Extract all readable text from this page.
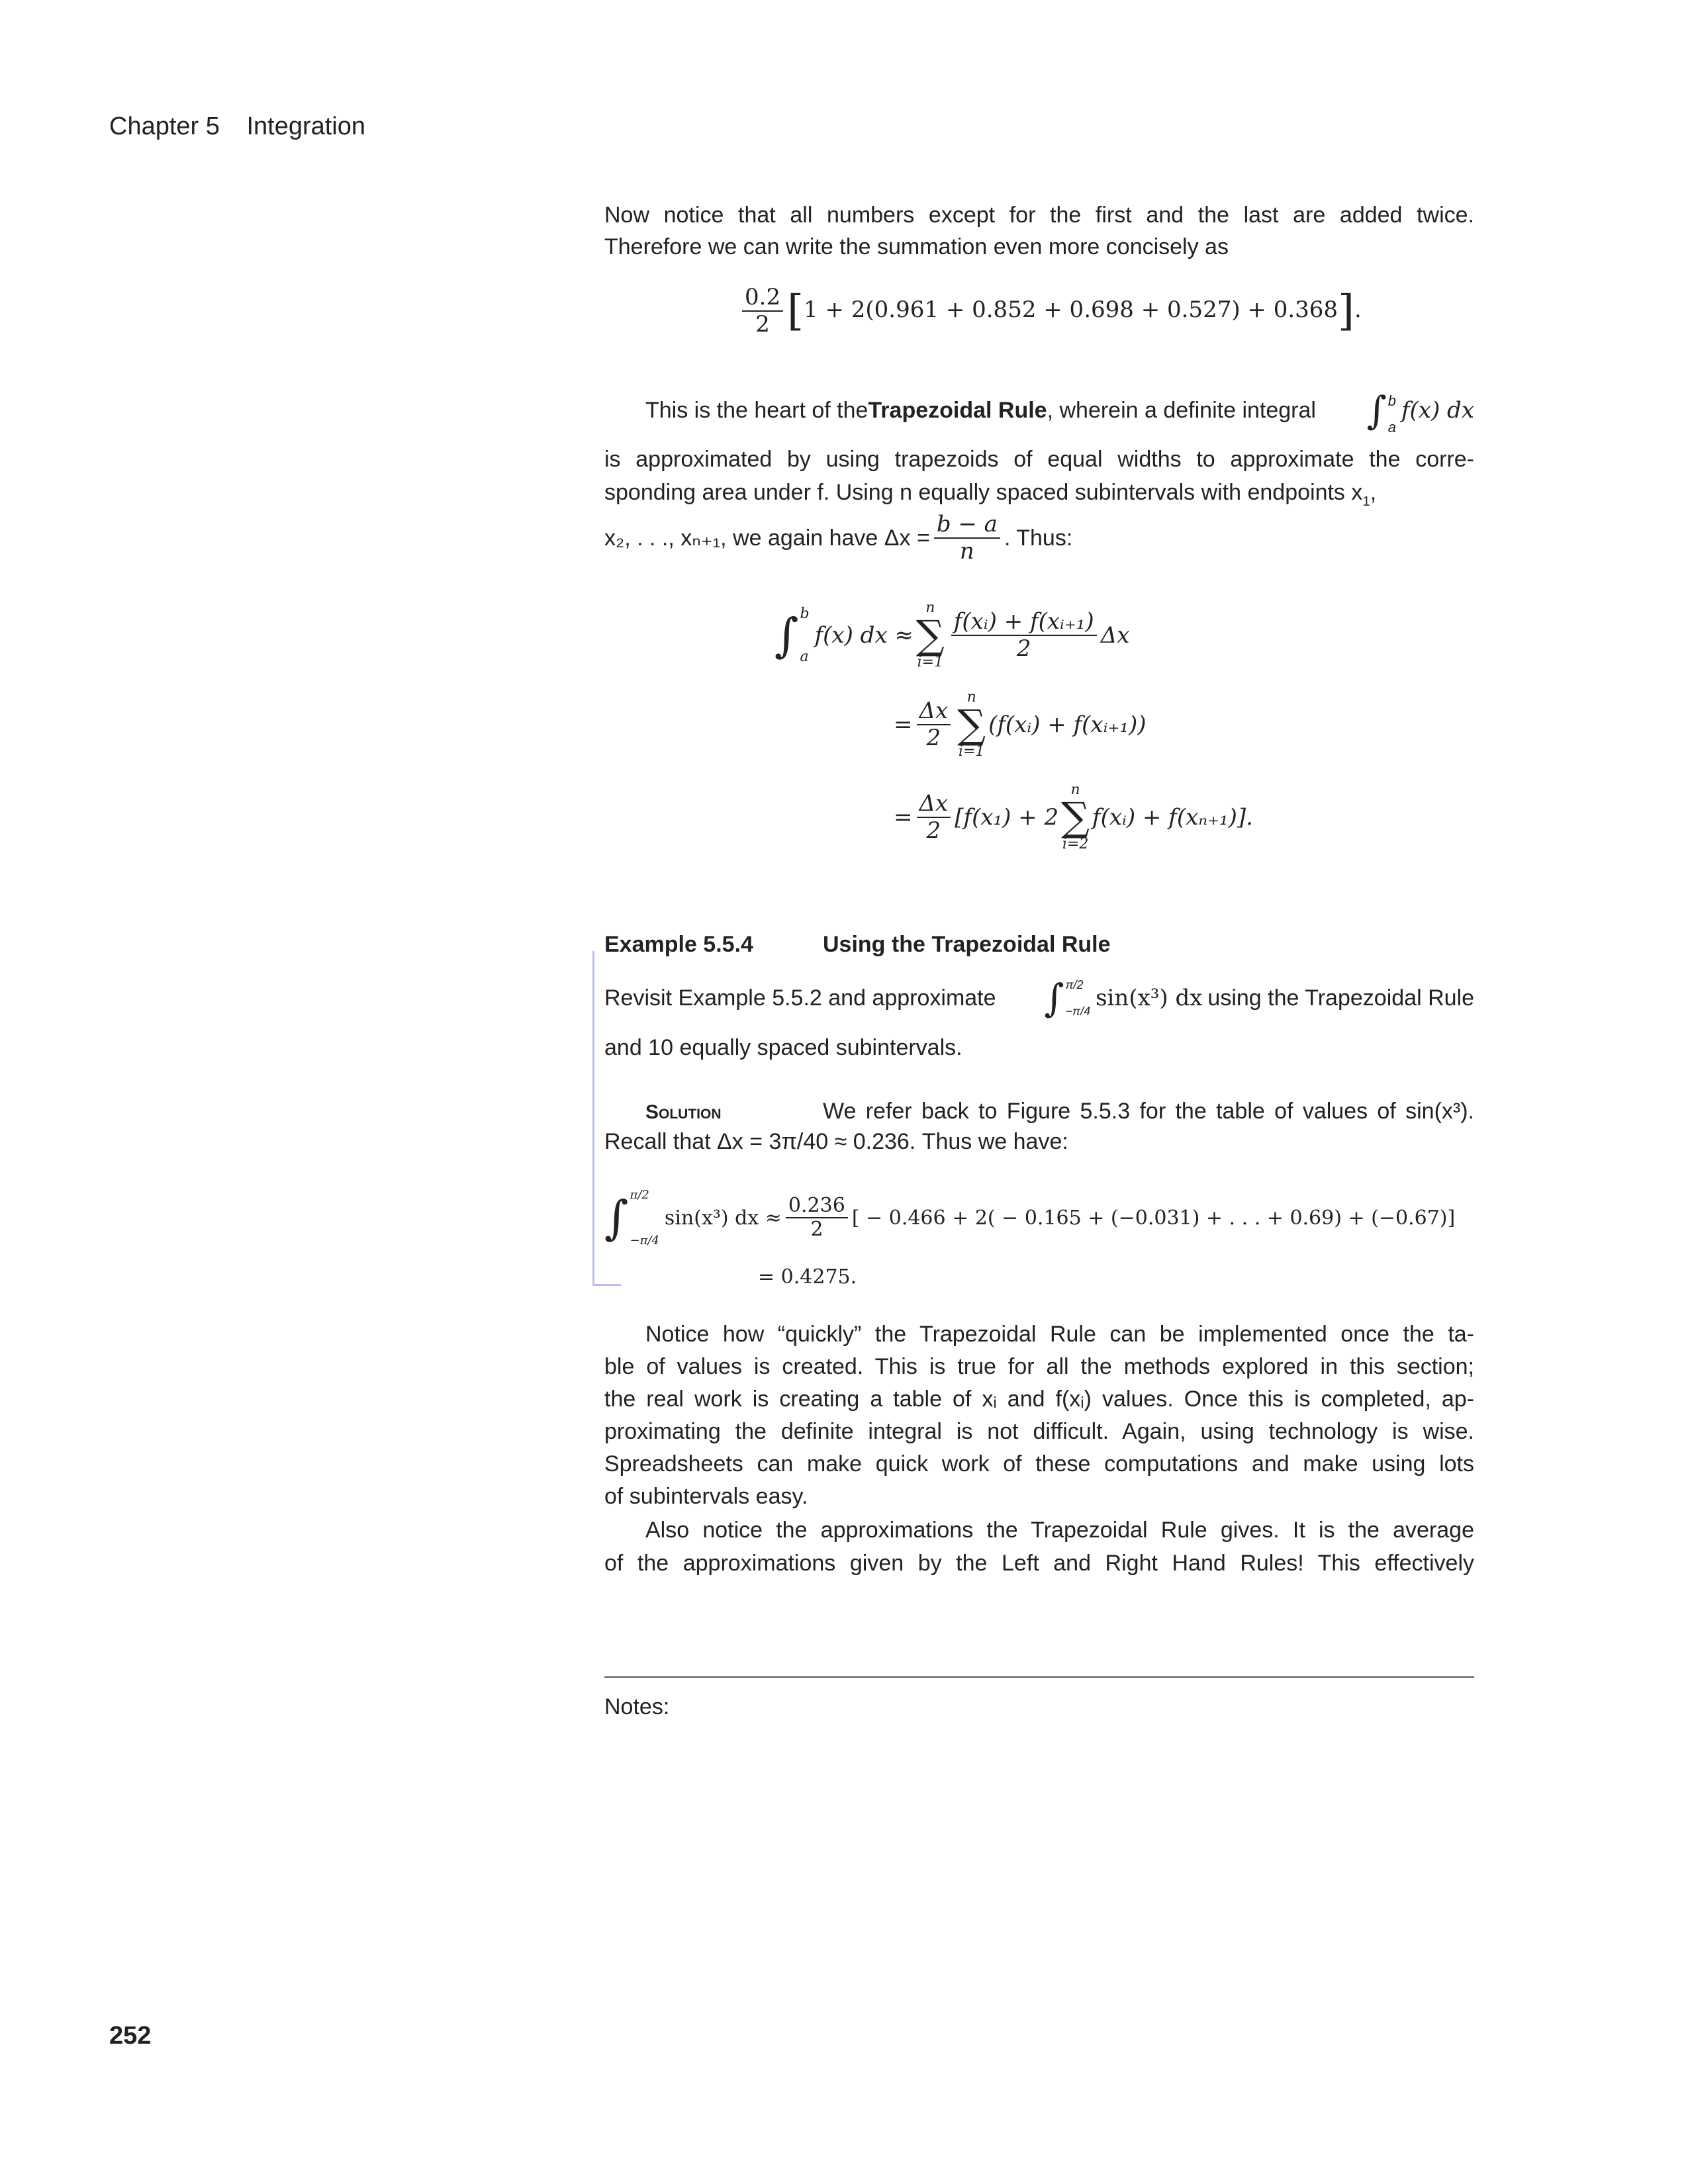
Chapter 5 Integration
Now notice that all numbers except for the first and the last are added twice.
Therefore we can write the summation even more concisely as
$\frac{0.2}{2} [1 + 2(0.961 + 0.852 + 0.698 + 0.527) + 0.368]$.
This is the heart of the Trapezoidal Rule , wherein a definite integral ∫ b
a
f(x) dx
is approximated by using trapezoids of equal widths to approximate the corre-
sponding area under f. Using n equally spaced subintervals with endpoints $x_1$ ,
x₂, . . ., xₙ₊₁, we again have $\Delta x = \frac{b - a}{n}$ . Thus:
∫ b
a
f(x) dx ≈
n
∑
i=1
$\frac{\text{f(xᵢ) + f(xᵢ₊₁)}}{2}$ Δx
= $\frac{\Delta x}{2}$
n
∑
i=1
(f(xᵢ) + f(xᵢ₊₁))
= $\frac{\Delta x}{2} [f(x_1) + 2$
n
∑
i=2
f(xᵢ) + f(xₙ₊₁)].
Example 5.5.4	Using the Trapezoidal Rule
Revisit Example 5.5.2 and approximate ∫ π/2
−π/4 sin(x³) dx using the Trapezoidal Rule
and 10 equally spaced subintervals.
Solution	We refer back to Figure 5.5.3 for the table of values of sin(x³).
Recall that Δx = 3π/40 ≈ 0.236. Thus we have:
∫ π/2
−π/4
sin(x³) dx ≈ $\frac{0.236}{2}$ [ − 0.466 + 2( − 0.165 + (−0.031) + . . . + 0.69) + (−0.67)]
= 0.4275.
Notice how “quickly” the Trapezoidal Rule can be implemented once the ta-
ble of values is created. This is true for all the methods explored in this section;
the real work is creating a table of xᵢ and f(xᵢ) values. Once this is completed, ap-
proximating the definite integral is not difficult. Again, using technology is wise.
Spreadsheets can make quick work of these computations and make using lots
of subintervals easy.
Also notice the approximations the Trapezoidal Rule gives. It is the average
of the approximations given by the Left and Right Hand Rules! This effectively
Notes:
252
